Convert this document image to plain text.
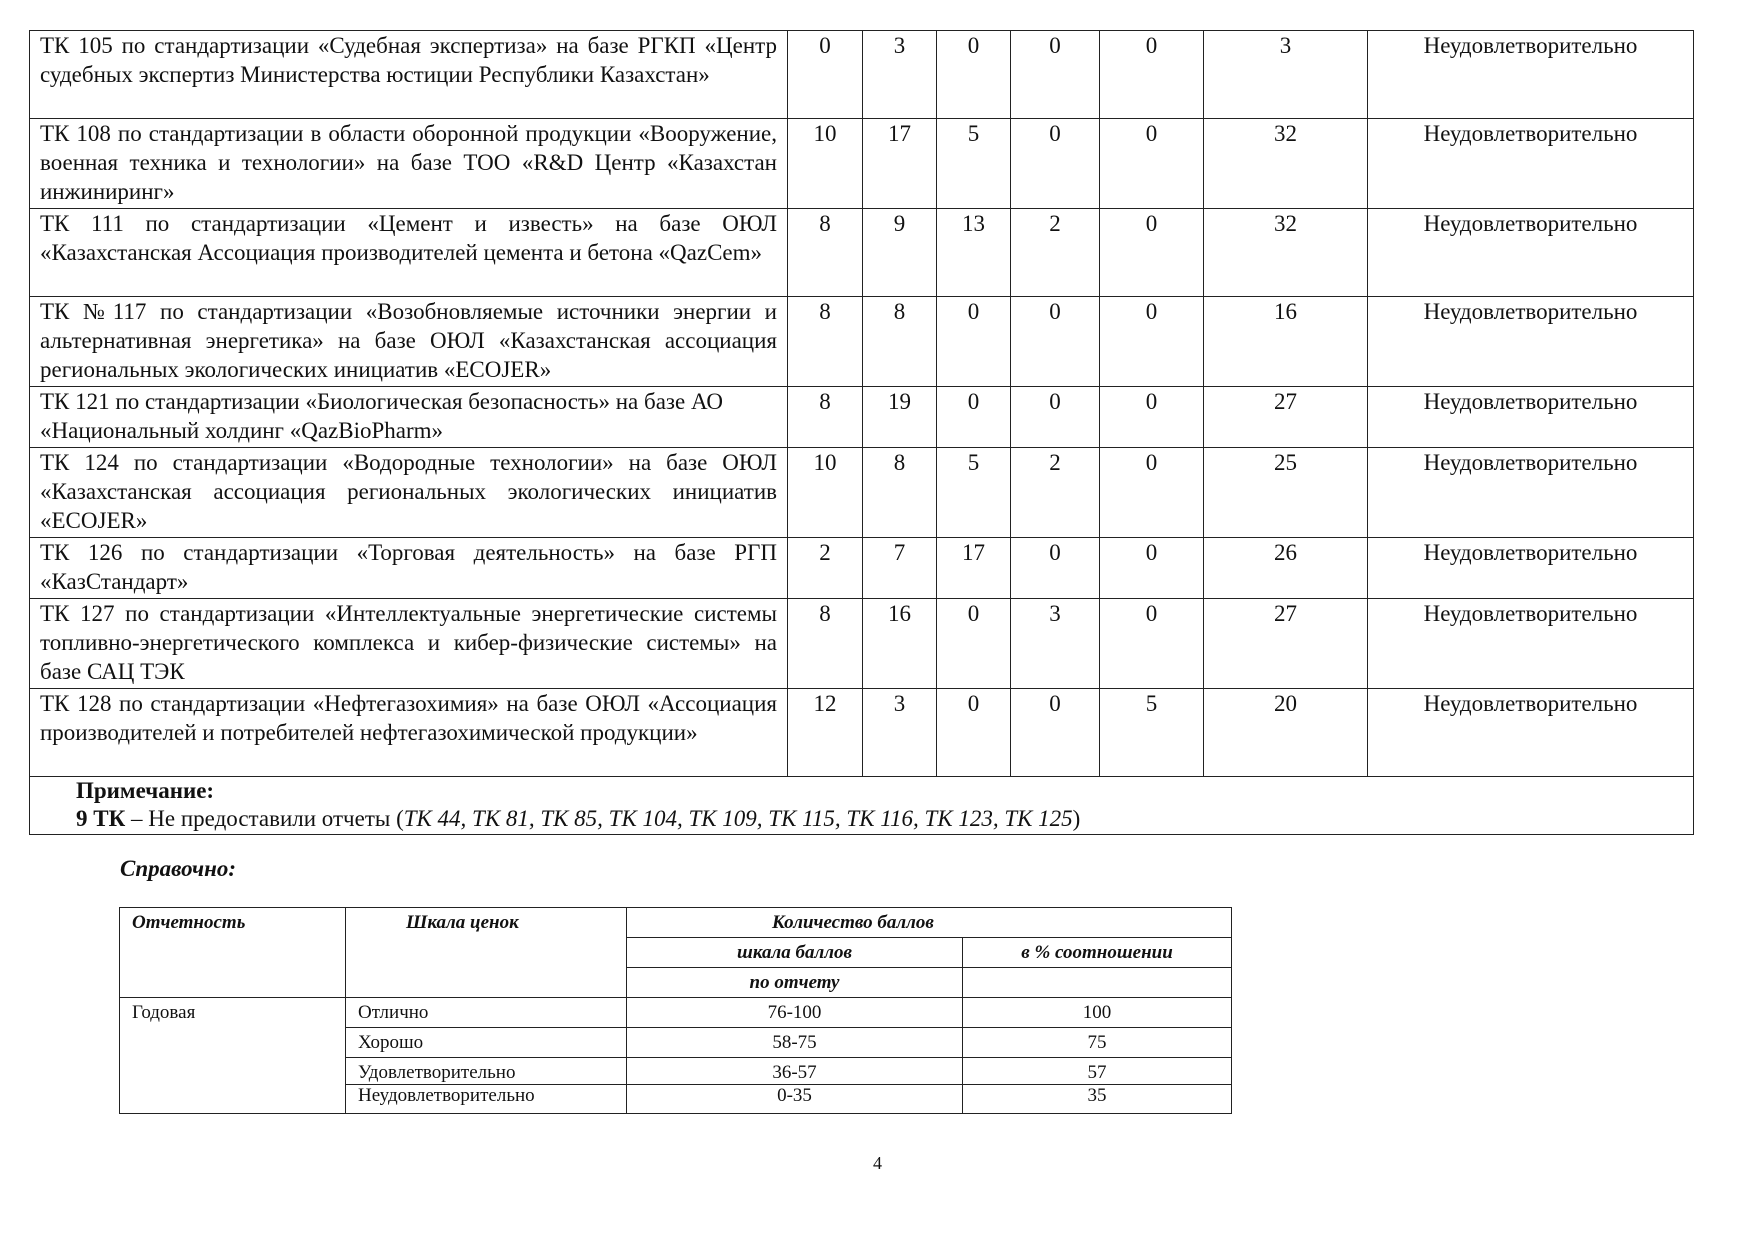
ТК 105 по стандартизации «Судебная экспертиза» на базе РГКП «Центр судебных экспертиз Министерства юстиции Республики Казахстан»	0	3	0	0	0	3	Неудовлетворительно
ТК 108 по стандартизации в области оборонной продукции «Вооружение, военная техника и технологии» на базе ТОО «R&D Центр «Казахстан инжиниринг»	10	17	5	0	0	32	Неудовлетворительно
ТК 111 по стандартизации «Цемент и известь» на базе ОЮЛ «Казахстанская Ассоциация производителей цемента и бетона «QazCem»	8	9	13	2	0	32	Неудовлетворительно
ТК №117 по стандартизации «Возобновляемые источники энергии и альтернативная энергетика» на базе ОЮЛ «Казахстанская ассоциация региональных экологических инициатив «ECOJER»	8	8	0	0	0	16	Неудовлетворительно
ТК 121 по стандартизации «Биологическая безопасность» на базе АО «Национальный холдинг «QazBioPharm»	8	19	0	0	0	27	Неудовлетворительно
ТК 124 по стандартизации «Водородные технологии» на базе ОЮЛ «Казахстанская ассоциация региональных экологических инициатив «ECOJER»	10	8	5	2	0	25	Неудовлетворительно
ТК 126 по стандартизации «Торговая деятельность» на базе РГП «КазСтандарт»	2	7	17	0	0	26	Неудовлетворительно
ТК 127 по стандартизации «Интеллектуальные энергетические системы топливно-энергетического комплекса и кибер-физические системы» на базе САЦ ТЭК	8	16	0	3	0	27	Неудовлетворительно
ТК 128 по стандартизации «Нефтегазохимия» на базе ОЮЛ «Ассоциация производителей и потребителей нефтегазохимической продукции»	12	3	0	0	5	20	Неудовлетворительно

Примечание:
9 ТК – Не предоставили отчеты (ТК 44, ТК 81, ТК 85, ТК 104, ТК 109, ТК 115, ТК 116, ТК 123, ТК 125)							
Справочно:
Отчетность	Шкала ценок	Количество баллов	
		шкала баллов	в % соотношении
		по отчету	
Годовая	Отлично	76-100	100
	Хорошо	58-75	75
	Удовлетворительно	36-57	57
	Неудовлетворительно	0-35	35
4
